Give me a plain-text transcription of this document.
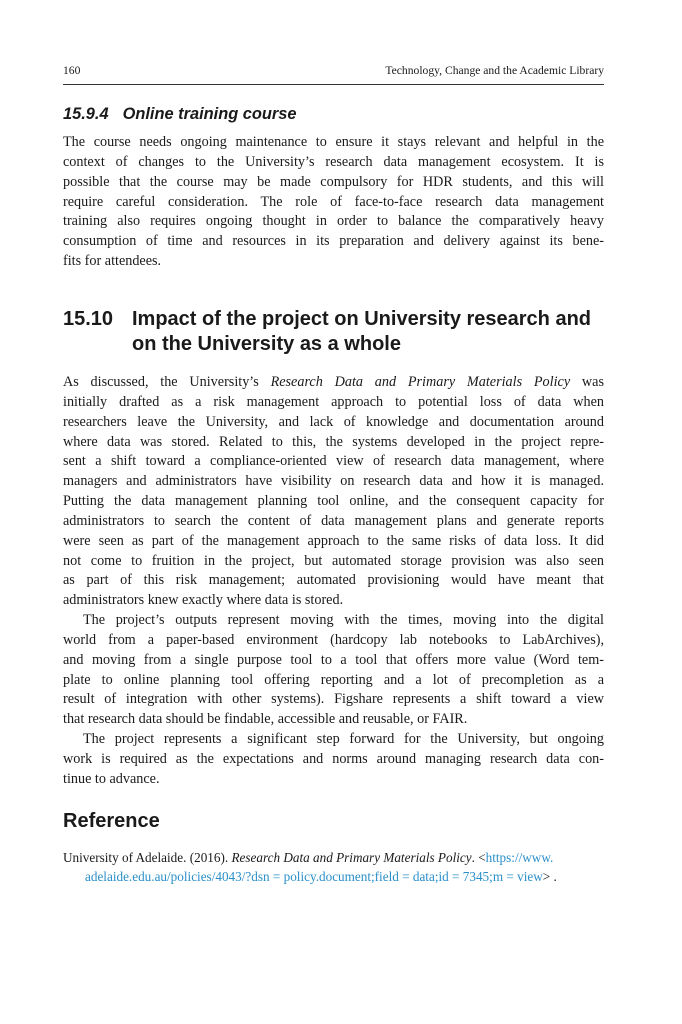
160	Technology, Change and the Academic Library
15.9.4 Online training course
The course needs ongoing maintenance to ensure it stays relevant and helpful in the
context of changes to the University’s research data management ecosystem. It is
possible that the course may be made compulsory for HDR students, and this will
require careful consideration. The role of face-to-face research data management
training also requires ongoing thought in order to balance the comparatively heavy
consumption of time and resources in its preparation and delivery against its bene-
fits for attendees.
15.10 Impact of the project on University research and
on the University as a whole
As discussed, the University’s Research Data and Primary Materials Policy was
initially drafted as a risk management approach to potential loss of data when
researchers leave the University, and lack of knowledge and documentation around
where data was stored. Related to this, the systems developed in the project repre-
sent a shift toward a compliance-oriented view of research data management, where
managers and administrators have visibility on research data and how it is managed.
Putting the data management planning tool online, and the consequent capacity for
administrators to search the content of data management plans and generate reports
were seen as part of the management approach to the same risks of data loss. It did
not come to fruition in the project, but automated storage provision was also seen
as part of this risk management; automated provisioning would have meant that
administrators knew exactly where data is stored.
The project’s outputs represent moving with the times, moving into the digital
world from a paper-based environment (hardcopy lab notebooks to LabArchives),
and moving from a single purpose tool to a tool that offers more value (Word tem-
plate to online planning tool offering reporting and a lot of precompletion as a
result of integration with other systems). Figshare represents a shift toward a view
that research data should be findable, accessible and reusable, or FAIR.
The project represents a significant step forward for the University, but ongoing
work is required as the expectations and norms around managing research data con-
tinue to advance.
Reference
University of Adelaide. (2016). Research Data and Primary Materials Policy. <https://www.
adelaide.edu.au/policies/4043/?dsn = policy.document;field = data;id = 7345;m = view> .
